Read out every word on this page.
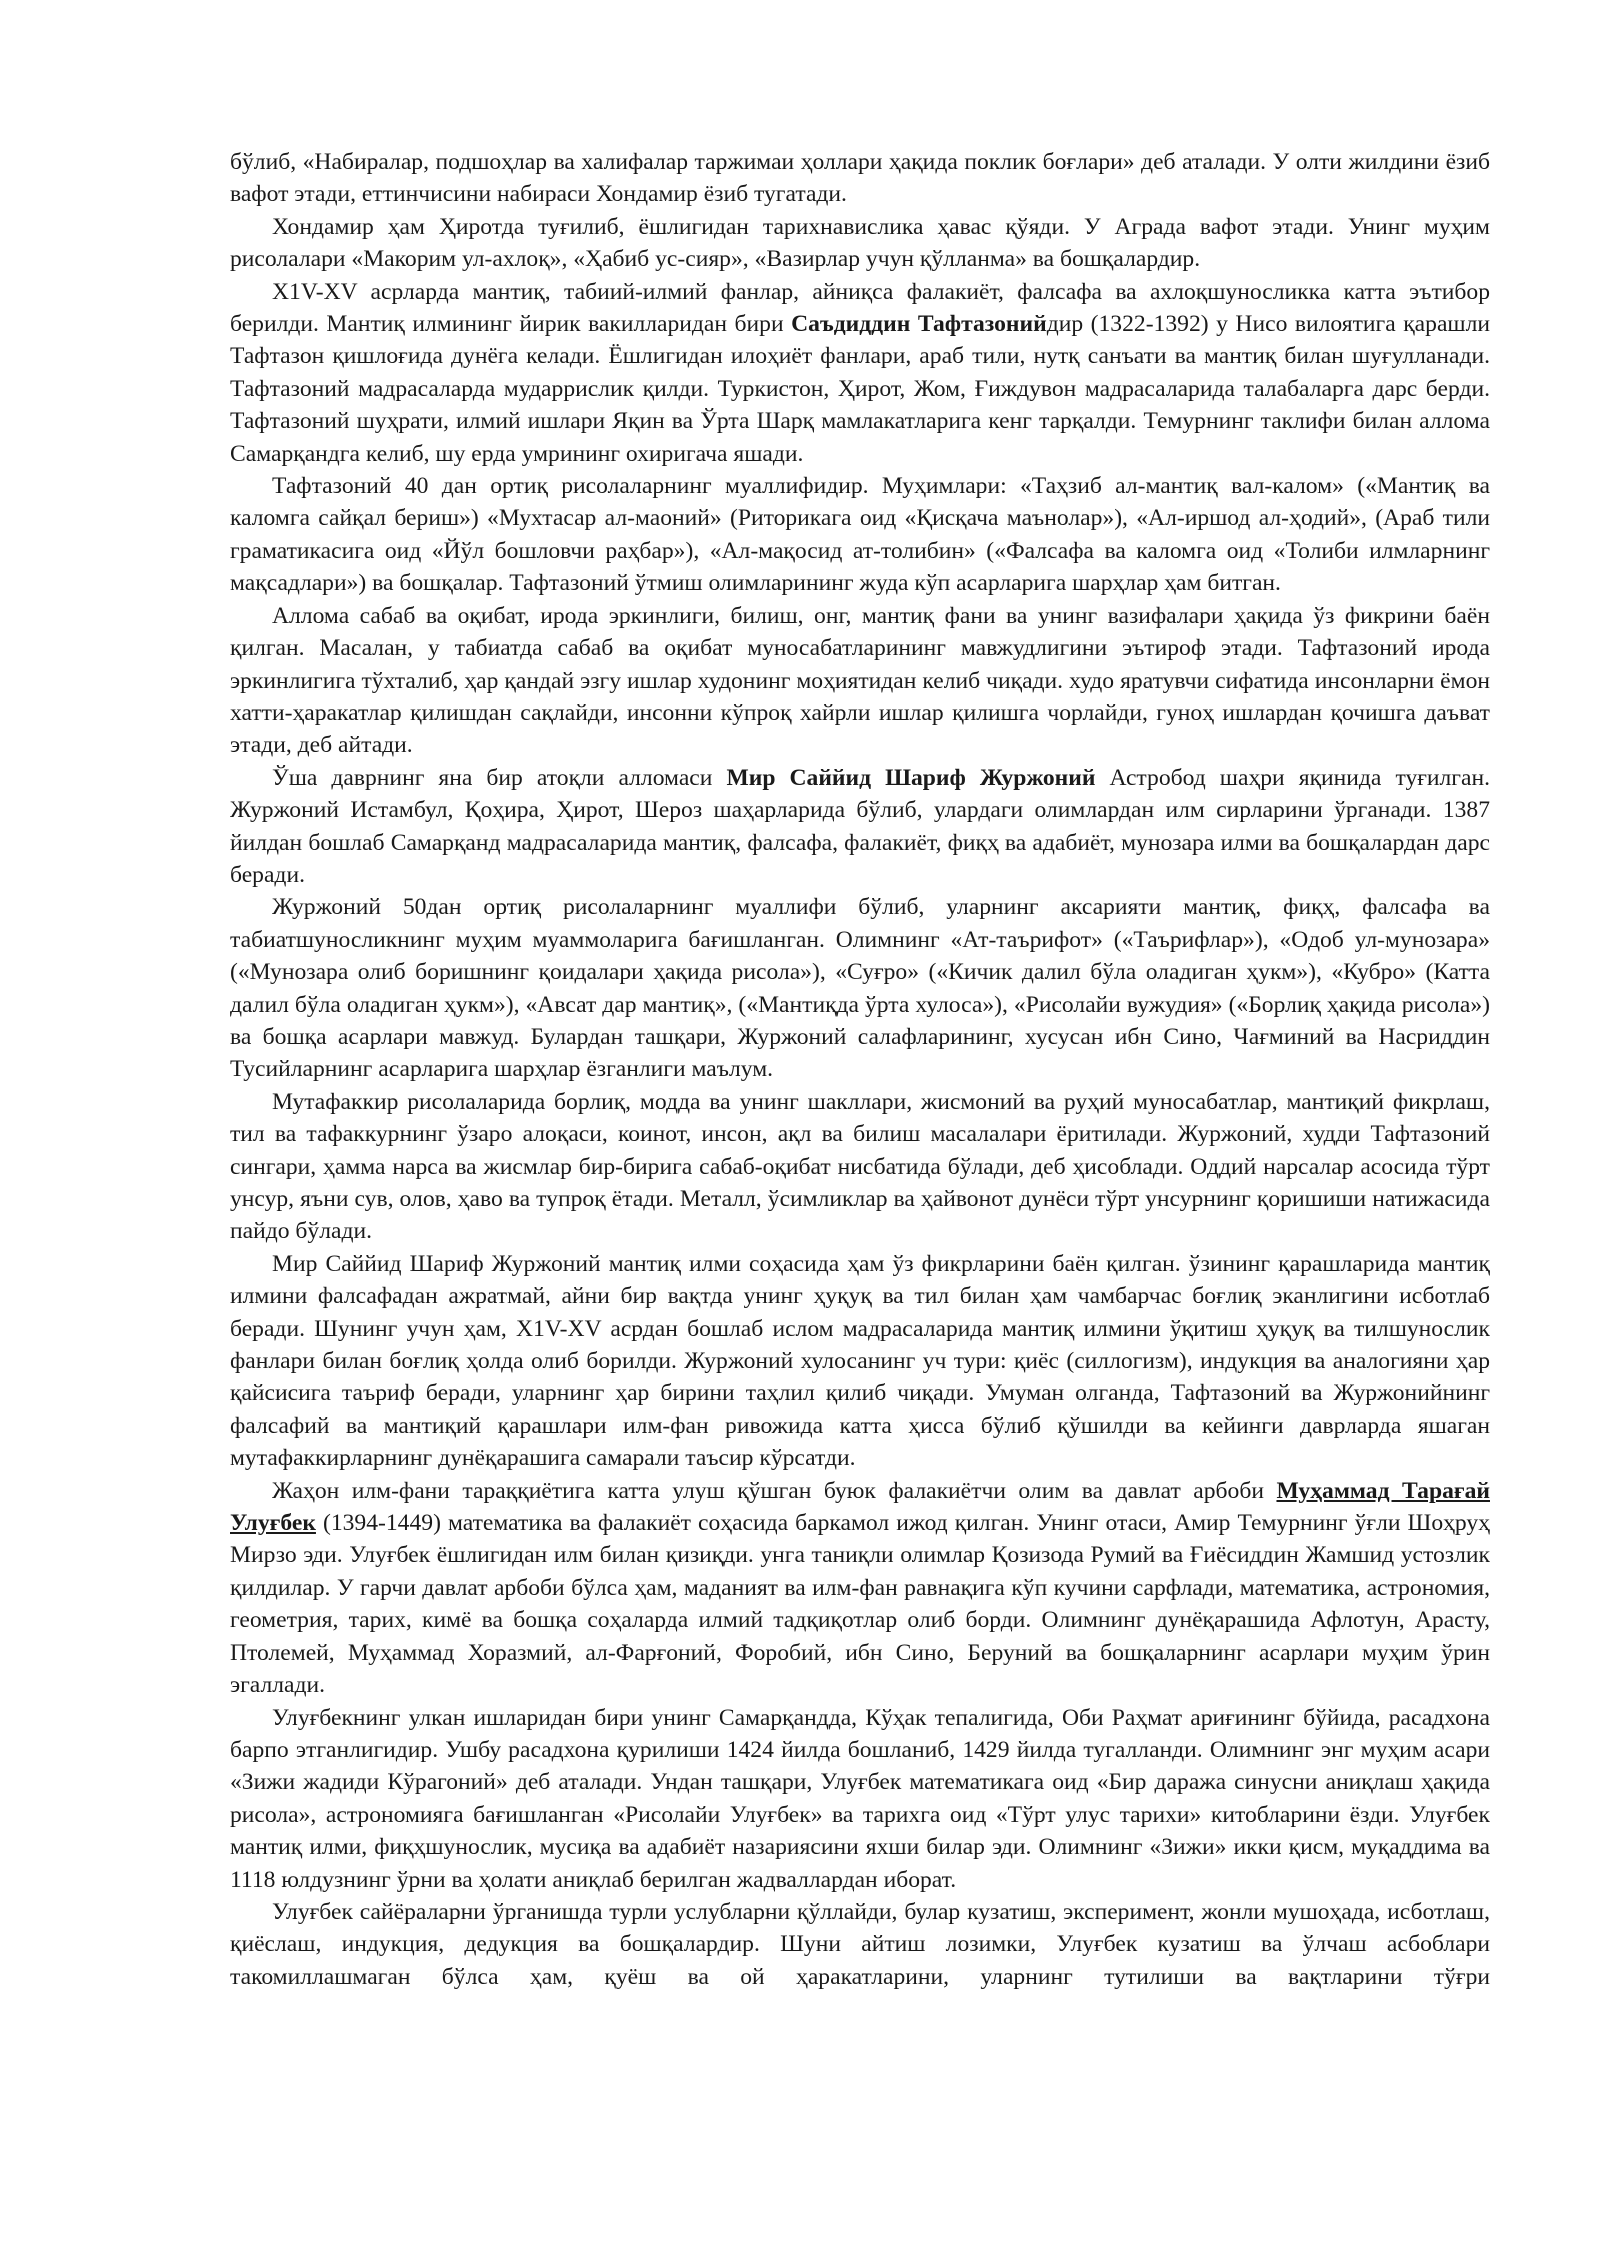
бўлиб, «Набиралар, подшоҳлар ва халифалар таржимаи ҳоллари ҳақида поклик боғлари» деб аталади. У олти жилдини ёзиб вафот этади, еттинчисини набираси Хондамир ёзиб тугатади.

Хондамир ҳам Ҳиротда туғилиб, ёшлигидан тарихнавислика ҳавас қўяди. У Аграда вафот этади. Унинг муҳим рисолалари «Макорим ул-ахлоқ», «Ҳабиб ус-сияр», «Вазирлар учун қўлланма» ва бошқалардир.

Х1V-XV асрларда мантиқ, табиий-илмий фанлар, айниқса фалакиёт, фалсафа ва ахлоқшуносликка катта эътибор берилди. Мантиқ илмининг йирик вакилларидан бири Саъдиддин Тафтазонийдир (1322-1392) у Нисо вилоятига қарашли Тафтазон қишлоғида дунёга келади. Ёшлигидан илоҳиёт фанлари, араб тили, нутқ санъати ва мантиқ билан шуғулланади. Тафтазоний мадрасаларда мударрислик қилди. Туркистон, Ҳирот, Жом, Ғиждувон мадрасаларида талабаларга дарс берди. Тафтазоний шуҳрати, илмий ишлари Яқин ва Ўрта Шарқ мамлакатларига кенг тарқалди. Темурнинг таклифи билан аллома Самарқандга келиб, шу ерда умрининг охиригача яшади.

Тафтазоний 40 дан ортиқ рисолаларнинг муаллифидир. Муҳимлари: «Таҳзиб ал-мантиқ вал-калом» («Мантиқ ва каломга сайқал бериш») «Мухтасар ал-маоний» (Риторикага оид «Қисқача маънолар»), «Ал-иршод ал-ҳодий», (Араб тили граматикасига оид «Йўл бошловчи раҳбар»), «Ал-мақосид ат-толибин» («Фалсафа ва каломга оид «Толиби илмларнинг мақсадлари») ва бошқалар. Тафтазоний ўтмиш олимларининг жуда кўп асарларига шарҳлар ҳам битган.

Аллома сабаб ва оқибат, ирода эркинлиги, билиш, онг, мантиқ фани ва унинг вазифалари ҳақида ўз фикрини баён қилган. Масалан, у табиатда сабаб ва оқибат муносабатларининг мавжудлигини эътироф этади. Тафтазоний ирода эркинлигига тўхталиб, ҳар қандай эзгу ишлар худонинг моҳиятидан келиб чиқади. худо яратувчи сифатида инсонларни ёмон хатти-ҳаракатлар қилишдан сақлайди, инсонни кўпроқ хайрли ишлар қилишга чорлайди, гуноҳ ишлардан қочишга даъват этади, деб айтади.

Ўша даврнинг яна бир атоқли алломаси Мир Саййид Шариф Журжоний Астробод шаҳри яқинида туғилган. Журжоний Истамбул, Қоҳира, Ҳирот, Шероз шаҳарларида бўлиб, улардаги олимлардан илм сирларини ўрганади. 1387 йилдан бошлаб Самарқанд мадрасаларида мантиқ, фалсафа, фалакиёт, фиқҳ ва адабиёт, мунозара илми ва бошқалардан дарс беради.

Журжоний 50дан ортиқ рисолаларнинг муаллифи бўлиб, уларнинг аксарияти мантиқ, фиқҳ, фалсафа ва табиатшуносликнинг муҳим муаммоларига бағишланган. Олимнинг «Ат-таърифот» («Таърифлар»), «Одоб ул-мунозара» («Мунозара олиб боришнинг қоидалари ҳақида рисола»), «Суғро» («Кичик далил бўла оладиган ҳукм»), «Кубро» (Катта далил бўла оладиган ҳукм»), «Авсат дар мантиқ», («Мантиқда ўрта хулоса»), «Рисолайи вужудия» («Борлиқ ҳақида рисола») ва бошқа асарлари мавжуд. Булардан ташқари, Журжоний салафларининг, хусусан ибн Сино, Чағминий ва Насриддин Тусийларнинг асарларига шарҳлар ёзганлиги маълум.

Мутафаккир рисолаларида борлиқ, модда ва унинг шакллари, жисмоний ва руҳий муносабатлар, мантиқий фикрлаш, тил ва тафаккурнинг ўзаро алоқаси, коинот, инсон, ақл ва билиш масалалари ёритилади. Журжоний, худди Тафтазоний сингари, ҳамма нарса ва жисмлар бир-бирига сабаб-оқибат нисбатида бўлади, деб ҳисоблади. Оддий нарсалар асосида тўрт унсур, яъни сув, олов, ҳаво ва тупроқ ётади. Металл, ўсимликлар ва ҳайвонот дунёси тўрт унсурнинг қоришиши натижасида пайдо бўлади.

Мир Саййид Шариф Журжоний мантиқ илми соҳасида ҳам ўз фикрларини баён қилган. ўзининг қарашларида мантиқ илмини фалсафадан ажратмай, айни бир вақтда унинг ҳуқуқ ва тил билан ҳам чамбарчас боғлиқ эканлигини исботлаб беради. Шунинг учун ҳам, Х1V-XV асрдан бошлаб ислом мадрасаларида мантиқ илмини ўқитиш ҳуқуқ ва тилшунослик фанлари билан боғлиқ ҳолда олиб борилди. Журжоний хулосанинг уч тури: қиёс (силлогизм), индукция ва аналогияни ҳар қайсисига таъриф беради, уларнинг ҳар бирини таҳлил қилиб чиқади. Умуман олганда, Тафтазоний ва Журжонийнинг фалсафий ва мантиқий қарашлари илм-фан ривожида катта ҳисса бўлиб қўшилди ва кейинги даврларда яшаган мутафаккирларнинг дунёқарашига самарали таъсир кўрсатди.

Жаҳон илм-фани тараққиётига катта улуш қўшган буюк фалакиётчи олим ва давлат арбоби Муҳаммад Тарағай Улуғбек (1394-1449) математика ва фалакиёт соҳасида баркамол ижод қилган. Унинг отаси, Амир Темурнинг ўғли Шоҳруҳ Мирзо эди. Улуғбек ёшлигидан илм билан қизиқди. унга таниқли олимлар Қозизода Румий ва Ғиёсиддин Жамшид устозлик қилдилар. У гарчи давлат арбоби бўлса ҳам, маданият ва илм-фан равнақига кўп кучини сарфлади, математика, астрономия, геометрия, тарих, кимё ва бошқа соҳаларда илмий тадқиқотлар олиб борди. Олимнинг дунёқарашида Афлотун, Арасту, Птолемей, Муҳаммад Хоразмий, ал-Фарғоний, Форобий, ибн Сино, Беруний ва бошқаларнинг асарлари муҳим ўрин эгаллади.

Улуғбекнинг улкан ишларидан бири унинг Самарқандда, Кўҳак тепалигида, Оби Раҳмат ариғининг бўйида, расадхона барпо этганлигидир. Ушбу расадхона қурилиши 1424 йилда бошланиб, 1429 йилда тугалланди. Олимнинг энг муҳим асари «Зижи жадиди Кўрагоний» деб аталади. Ундан ташқари, Улуғбек математикага оид «Бир даража синусни аниқлаш ҳақида рисола», астрономияга бағишланган «Рисолайи Улуғбек» ва тарихга оид «Тўрт улус тарихи» китобларини ёзди. Улуғбек мантиқ илми, фиқҳшунослик, мусиқа ва адабиёт назариясини яхши билар эди. Олимнинг «Зижи» икки қисм, муқаддима ва 1118 юлдузнинг ўрни ва ҳолати аниқлаб берилган жадваллардан иборат.

Улуғбек сайёраларни ўрганишда турли услубларни қўллайди, булар кузатиш, эксперимент, жонли мушоҳада, исботлаш, қиёслаш, индукция, дедукция ва бошқалардир. Шуни айтиш лозимки, Улуғбек кузатиш ва ўлчаш асбоблари такомиллашмаган бўлса ҳам, қуёш ва ой ҳаракатларини, уларнинг тутилиши ва вақтларини тўғри
